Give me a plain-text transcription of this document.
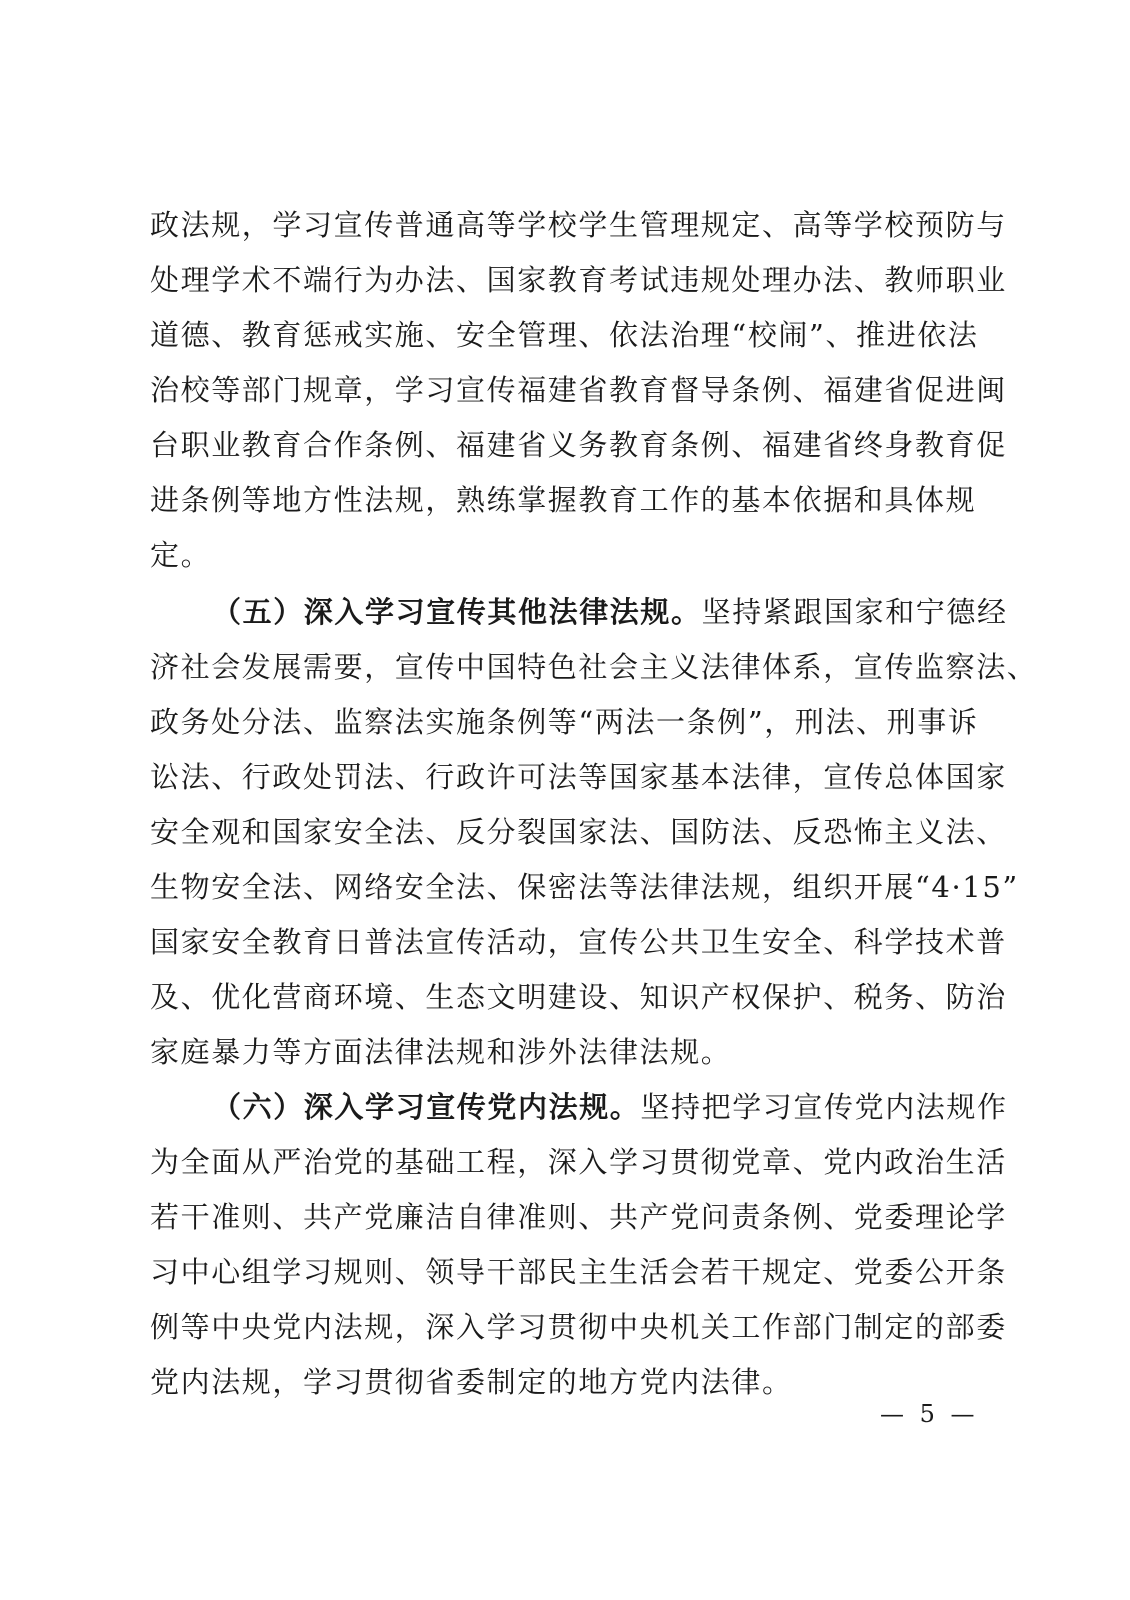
政法规，学习宣传普通高等学校学生管理规定、高等学校预防与
处理学术不端行为办法、国家教育考试违规处理办法、教师职业
道德、教育惩戒实施、安全管理、依法治理“校闹”、推进依法
治校等部门规章，学习宣传福建省教育督导条例、福建省促进闽
台职业教育合作条例、福建省义务教育条例、福建省终身教育促
进条例等地方性法规，熟练掌握教育工作的基本依据和具体规
定。
（五）深入学习宣传其他法律法规。坚持紧跟国家和宁德经
济社会发展需要，宣传中国特色社会主义法律体系，宣传监察法、
政务处分法、监察法实施条例等“两法一条例”，刑法、刑事诉
讼法、行政处罚法、行政许可法等国家基本法律，宣传总体国家
安全观和国家安全法、反分裂国家法、国防法、反恐怖主义法、
生物安全法、网络安全法、保密法等法律法规，组织开展“4·15”
国家安全教育日普法宣传活动，宣传公共卫生安全、科学技术普
及、优化营商环境、生态文明建设、知识产权保护、税务、防治
家庭暴力等方面法律法规和涉外法律法规。
（六）深入学习宣传党内法规。坚持把学习宣传党内法规作
为全面从严治党的基础工程，深入学习贯彻党章、党内政治生活
若干准则、共产党廉洁自律准则、共产党问责条例、党委理论学
习中心组学习规则、领导干部民主生活会若干规定、党委公开条
例等中央党内法规，深入学习贯彻中央机关工作部门制定的部委
党内法规，学习贯彻省委制定的地方党内法律。
— 5 —
